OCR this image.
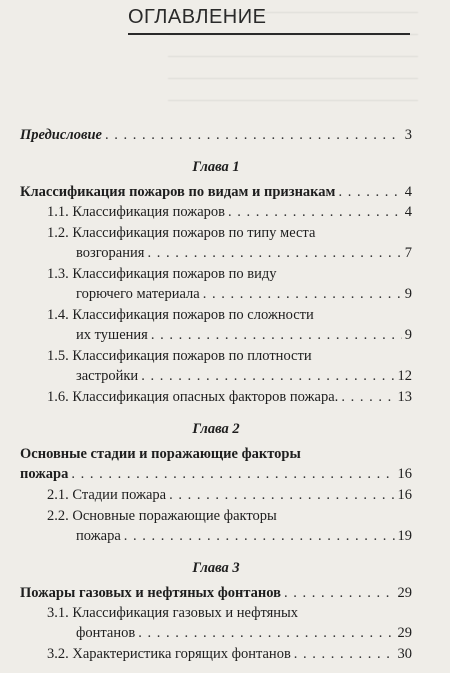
ОГЛАВЛЕНИЕ
Предисловие . . .	3
Глава 1
Классификация пожаров по видам и признакам . . .	4
1.1. Классификация пожаров . . .	4
1.2. Классификация пожаров по типу места
возгорания . . .	7
1.3. Классификация пожаров по виду
горючего материала . . .	9
1.4. Классификация пожаров по сложности
их тушения . . .	9
1.5. Классификация пожаров по плотности
застройки . . .	12
1.6. Классификация опасных факторов пожара. . . .	13
Глава 2
Основные стадии и поражающие факторы
пожара . . .	16
2.1. Стадии пожара . . .	16
2.2. Основные поражающие факторы
пожара . . .	19
Глава 3
Пожары газовых и нефтяных фонтанов . . .	29
3.1. Классификация газовых и нефтяных
фонтанов . . .	29
3.2. Характеристика горящих фонтанов . . .	30
